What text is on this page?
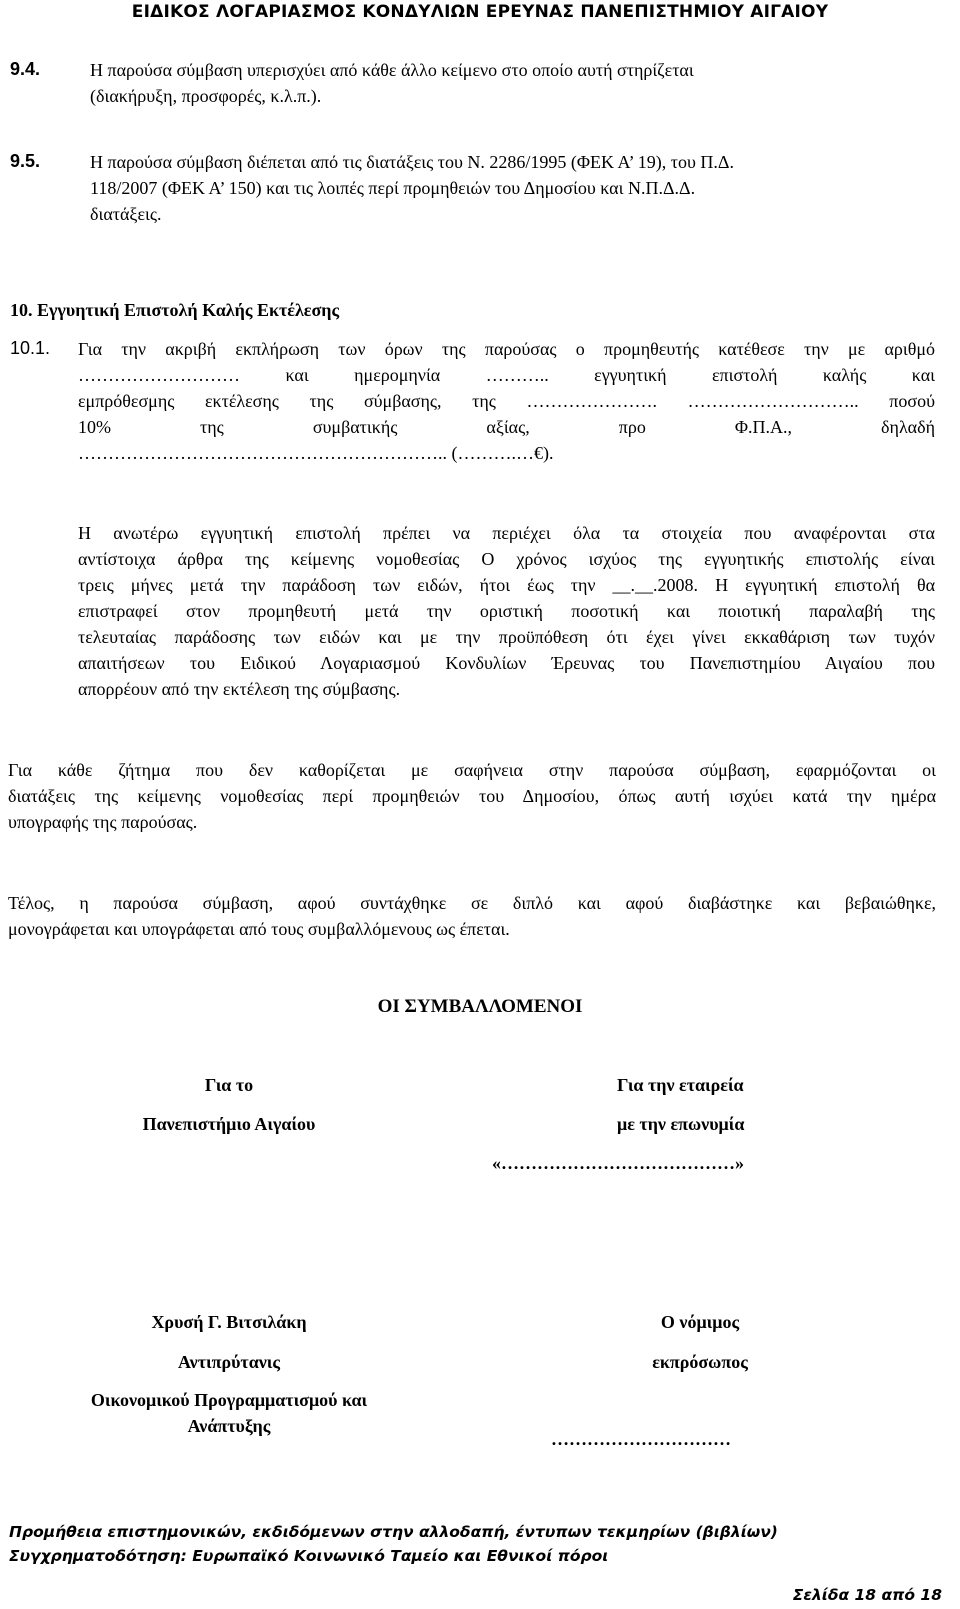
ΕΙΔΙΚΟΣ ΛΟΓΑΡΙΑΣΜΟΣ ΚΟΝΔΥΛΙΩΝ ΕΡΕΥΝΑΣ ΠΑΝΕΠΙΣΤΗΜΙΟΥ ΑΙΓΑΙΟΥ
9.4.	Η παρούσα σύμβαση υπερισχύει από κάθε άλλο κείμενο στο οποίο αυτή στηρίζεται
(διακήρυξη, προσφορές, κ.λ.π.).
9.5.	Η παρούσα σύμβαση διέπεται από τις διατάξεις του Ν. 2286/1995 (ΦΕΚ Α’ 19), του Π.Δ.
118/2007 (ΦΕΚ Α’ 150) και τις λοιπές περί προμηθειών του Δημοσίου και Ν.Π.Δ.Δ.
διατάξεις.
10. Εγγυητική Επιστολή Καλής Εκτέλεσης
10.1. Για την ακριβή εκπλήρωση των όρων της παρούσας ο προμηθευτής κατέθεσε την με αριθμό
……………………… και ημερομηνία ……….. εγγυητική επιστολή καλής και
εμπρόθεσμης εκτέλεσης της σύμβασης, της …………………. ……………………….. ποσού
10% της συμβατικής αξίας, προ Φ.Π.Α., δηλαδή
…………………………………………………….. (……….…€).
Η ανωτέρω εγγυητική επιστολή πρέπει να περιέχει όλα τα στοιχεία που αναφέρονται στα
αντίστοιχα άρθρα της κείμενης νομοθεσίας Ο χρόνος ισχύος της εγγυητικής επιστολής είναι
τρεις μήνες μετά την παράδοση των ειδών, ήτοι έως την __.__.2008. Η εγγυητική επιστολή θα
επιστραφεί στον προμηθευτή μετά την οριστική ποσοτική και ποιοτική παραλαβή της
τελευταίας παράδοσης των ειδών και με την προϋπόθεση ότι έχει γίνει εκκαθάριση των τυχόν
απαιτήσεων του Ειδικού Λογαριασμού Κονδυλίων Έρευνας του Πανεπιστημίου Αιγαίου που
απορρέουν από την εκτέλεση της σύμβασης.
Για κάθε ζήτημα που δεν καθορίζεται με σαφήνεια στην παρούσα σύμβαση, εφαρμόζονται οι
διατάξεις της κείμενης νομοθεσίας περί προμηθειών του Δημοσίου, όπως αυτή ισχύει κατά την ημέρα
υπογραφής της παρούσας.
Τέλος, η παρούσα σύμβαση, αφού συντάχθηκε σε διπλό και αφού διαβάστηκε και βεβαιώθηκε,
μονογράφεται και υπογράφεται από τους συμβαλλόμενους ως έπεται.
ΟΙ ΣΥΜΒΑΛΛΟΜΕΝΟΙ
Για το
Πανεπιστήμιο Αιγαίου
Για την εταιρεία
με την επωνυμία
«…………………………………»
Χρυσή Γ. Βιτσιλάκη
Αντιπρύτανις
Οικονομικού Προγραμματισμού και
Ανάπτυξης
Ο νόμιμος
εκπρόσωπος
…………………………
Προμήθεια επιστημονικών, εκδιδόμενων στην αλλοδαπή, έντυπων τεκμηρίων (βιβλίων)
Συγχρηματοδότηση: Ευρωπαϊκό Κοινωνικό Ταμείο και Εθνικοί πόροι
Σελίδα 18 από 18
